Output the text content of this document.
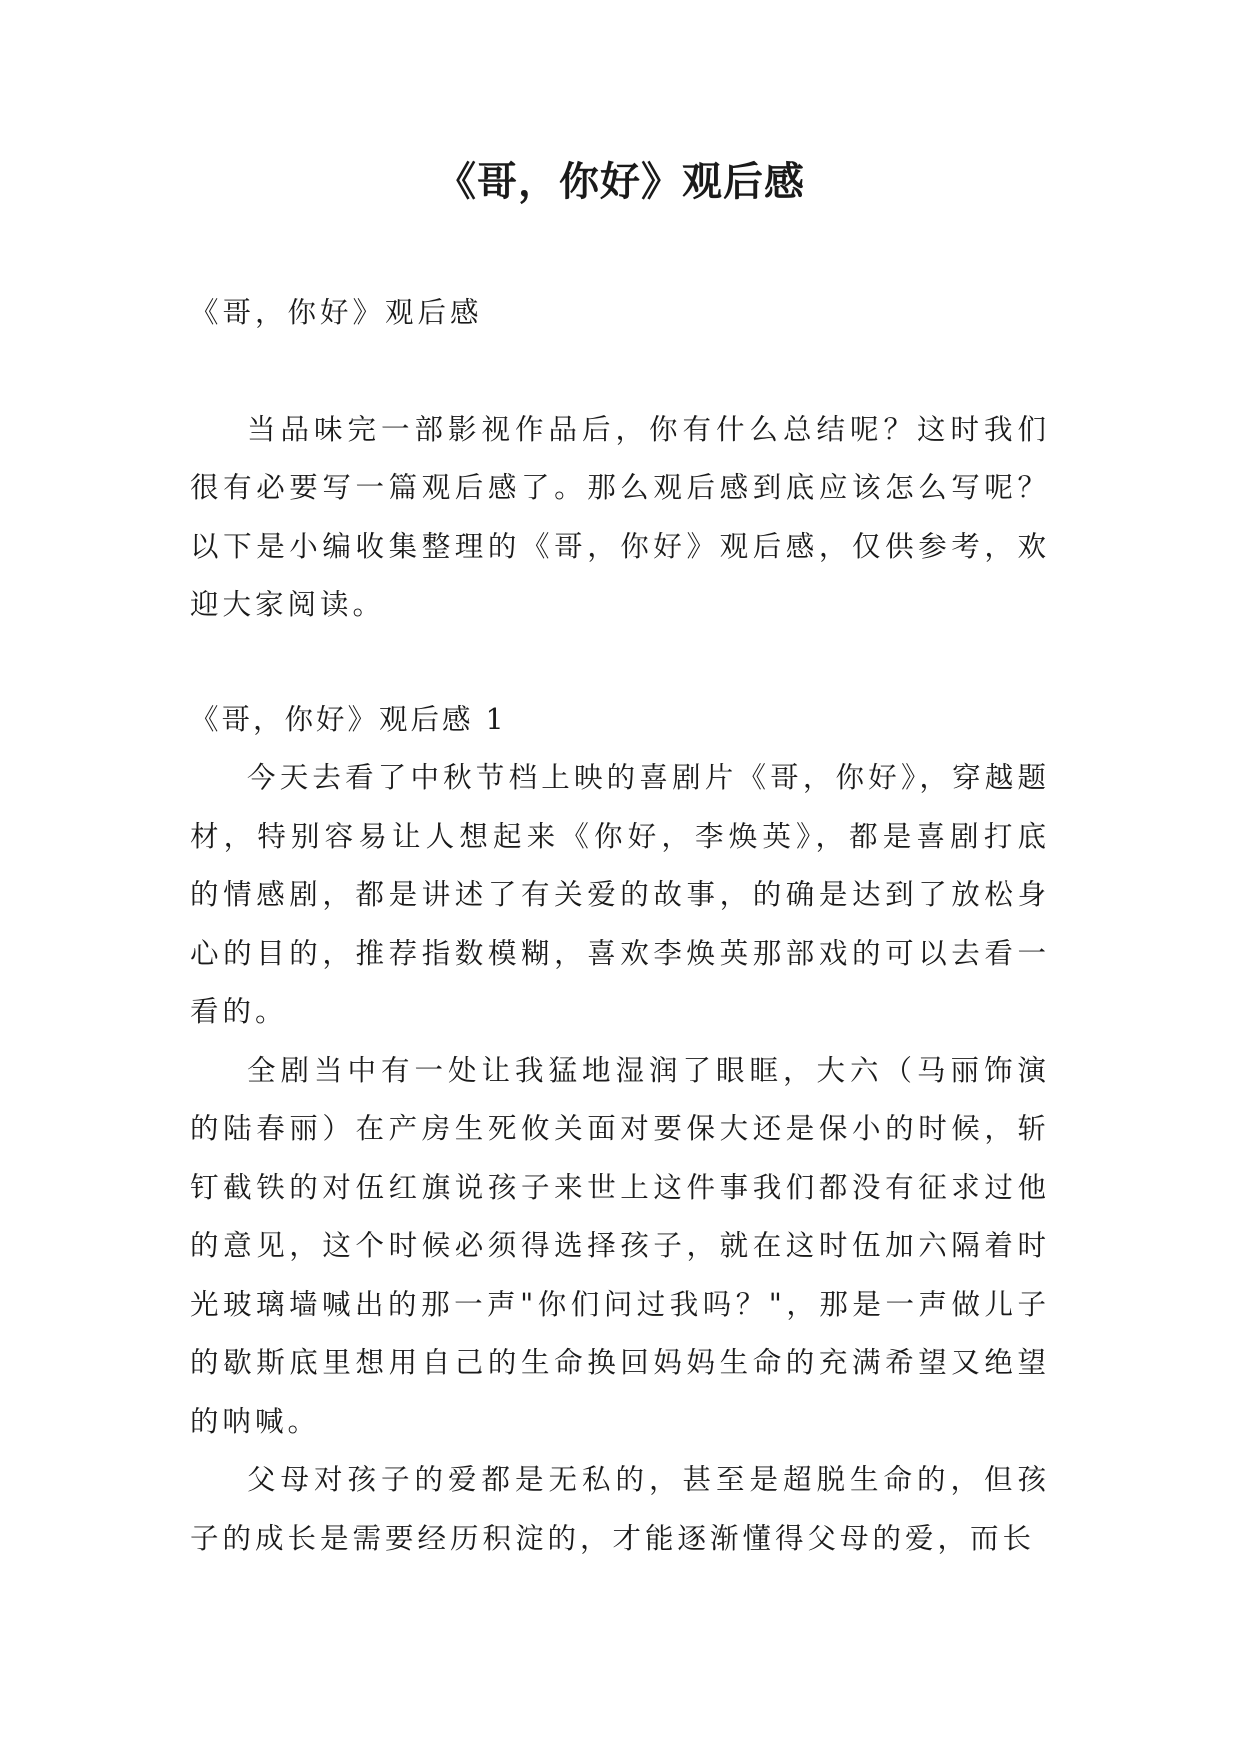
《哥，你好》观后感

《哥，你好》观后感

当品味完一部影视作品后，你有什么总结呢？这时我们很有必要写一篇观后感了。那么观后感到底应该怎么写呢？以下是小编收集整理的《哥，你好》观后感，仅供参考，欢迎大家阅读。

《哥，你好》观后感 1

今天去看了中秋节档上映的喜剧片《哥，你好》，穿越题材，特别容易让人想起来《你好，李焕英》，都是喜剧打底的情感剧，都是讲述了有关爱的故事，的确是达到了放松身心的目的，推荐指数模糊，喜欢李焕英那部戏的可以去看一看的。

全剧当中有一处让我猛地湿润了眼眶，大六（马丽饰演的陆春丽）在产房生死攸关面对要保大还是保小的时候，斩钉截铁的对伍红旗说孩子来世上这件事我们都没有征求过他的意见，这个时候必须得选择孩子，就在这时伍加六隔着时光玻璃墙喊出的那一声"你们问过我吗？"，那是一声做儿子的歇斯底里想用自己的生命换回妈妈生命的充满希望又绝望的呐喊。

父母对孩子的爱都是无私的，甚至是超脱生命的，但孩子的成长是需要经历积淀的，才能逐渐懂得父母的爱，而长
